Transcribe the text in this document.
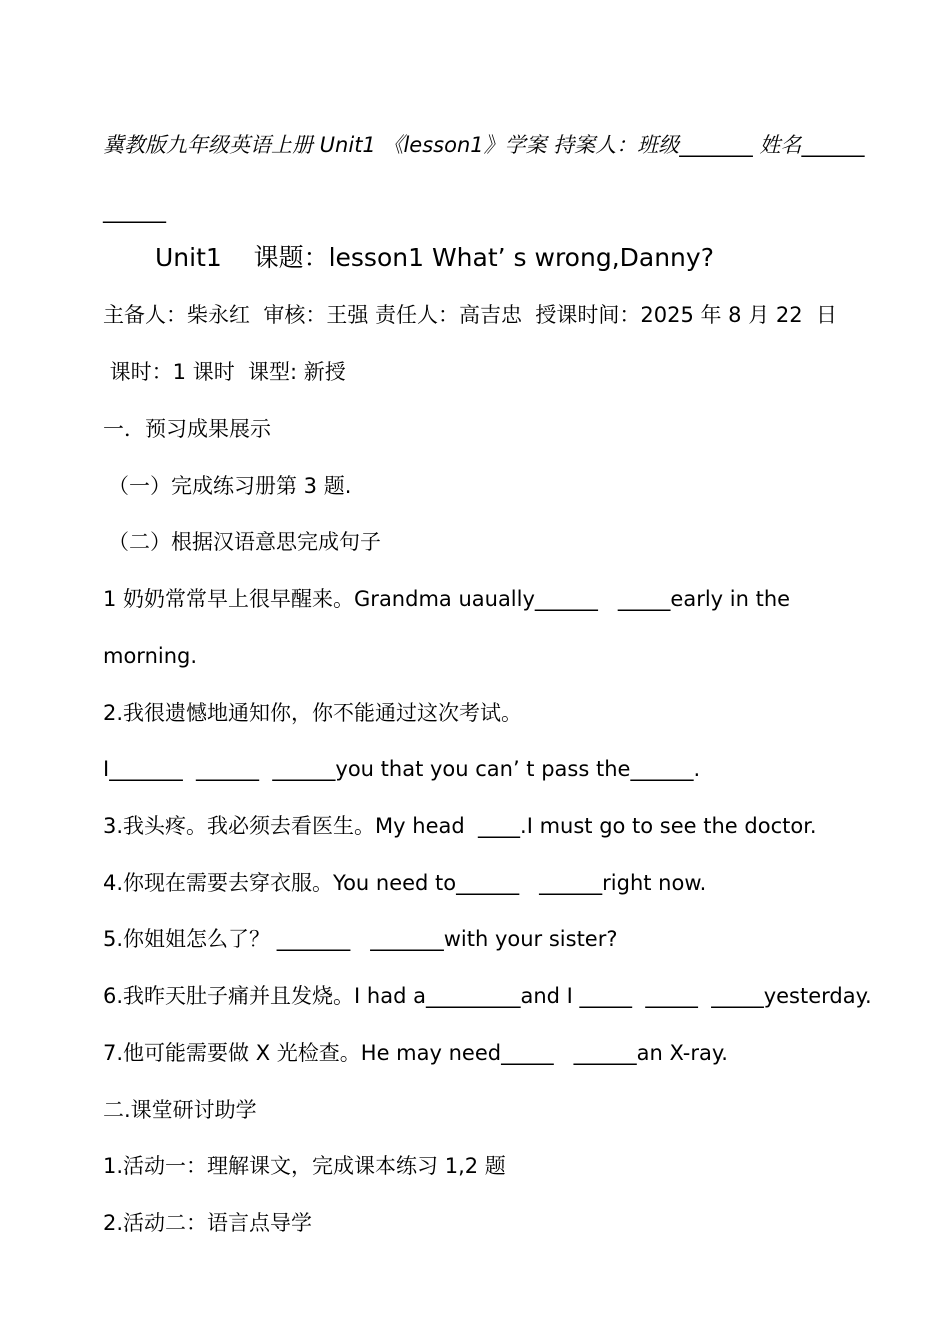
冀教版九年级英语上册 Unit1 《lesson1》学案 持案人：班级_______ 姓名______
______
Unit1    课题：lesson1 What’ s wrong,Danny?
主备人：柴永红  审核：王强 责任人：高吉忠  授课时间：2025 年 8 月 22  日
课时：1 课时  课型: 新授
一．预习成果展示
（一）完成练习册第 3 题.
（二）根据汉语意思完成句子
1 奶奶常常早上很早醒来。Grandma uaually______   _____early in the
morning.
2.我很遗憾地通知你，你不能通过这次考试。
I_______  ______  ______you that you can’ t pass the______.
3.我头疼。我必须去看医生。My head  ____.I must go to see the doctor.
4.你现在需要去穿衣服。You need to______   ______right now.
5.你姐姐怎么了？ _______   _______with your sister?
6.我昨天肚子痛并且发烧。I had a_________and I _____  _____  _____yesterday.
7.他可能需要做 X 光检查。He may need_____   ______an X-ray.
二.课堂研讨助学
1.活动一：理解课文，完成课本练习 1,2 题
2.活动二：语言点导学
